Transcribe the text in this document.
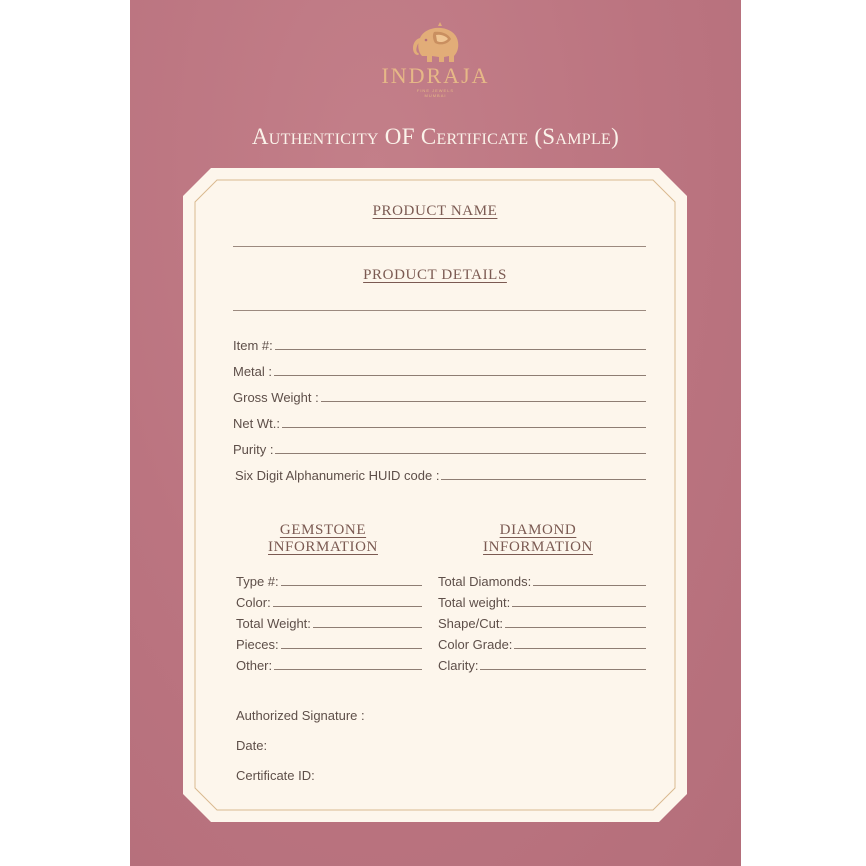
INDRAJA
FINE JEWELS
MUMBAI
Authenticity OF Certificate (Sample)
PRODUCT NAME
PRODUCT DETAILS
Item #:
Metal :
Gross Weight :
Net Wt.:
Purity :
Six Digit Alphanumeric HUID code :
GEMSTONE
INFORMATION
DIAMOND
INFORMATION
Type #:
Color:
Total Weight:
Pieces:
Other:
Total Diamonds:
Total weight:
Shape/Cut:
Color Grade:
Clarity:
Authorized Signature :
Date:
Certificate ID:
